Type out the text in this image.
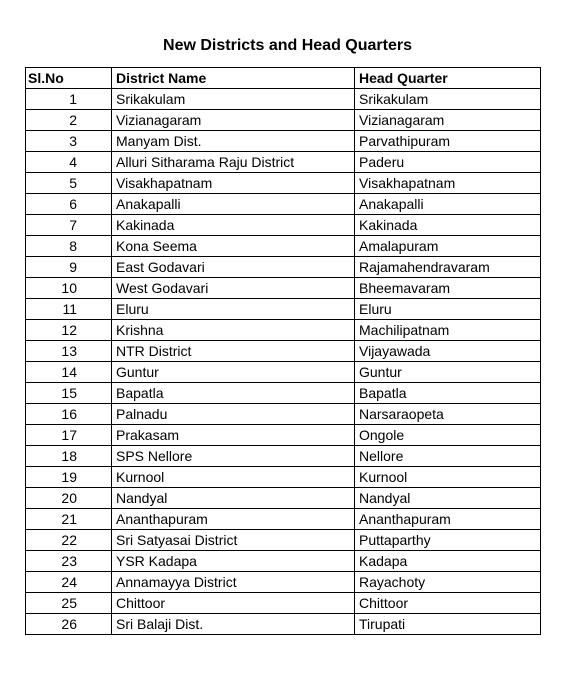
New Districts and Head Quarters
Sl.No	District Name	Head Quarter
1	Srikakulam	Srikakulam
2	Vizianagaram	Vizianagaram
3	Manyam Dist.	Parvathipuram
4	Alluri Sitharama Raju District	Paderu
5	Visakhapatnam	Visakhapatnam
6	Anakapalli	Anakapalli
7	Kakinada	Kakinada
8	Kona Seema	Amalapuram
9	East Godavari	Rajamahendravaram
10	West Godavari	Bheemavaram
11	Eluru	Eluru
12	Krishna	Machilipatnam
13	NTR District	Vijayawada
14	Guntur	Guntur
15	Bapatla	Bapatla
16	Palnadu	Narsaraopeta
17	Prakasam	Ongole
18	SPS Nellore	Nellore
19	Kurnool	Kurnool
20	Nandyal	Nandyal
21	Ananthapuram	Ananthapuram
22	Sri Satyasai District	Puttaparthy
23	YSR Kadapa	Kadapa
24	Annamayya District	Rayachoty
25	Chittoor	Chittoor
26	Sri Balaji Dist.	Tirupati
